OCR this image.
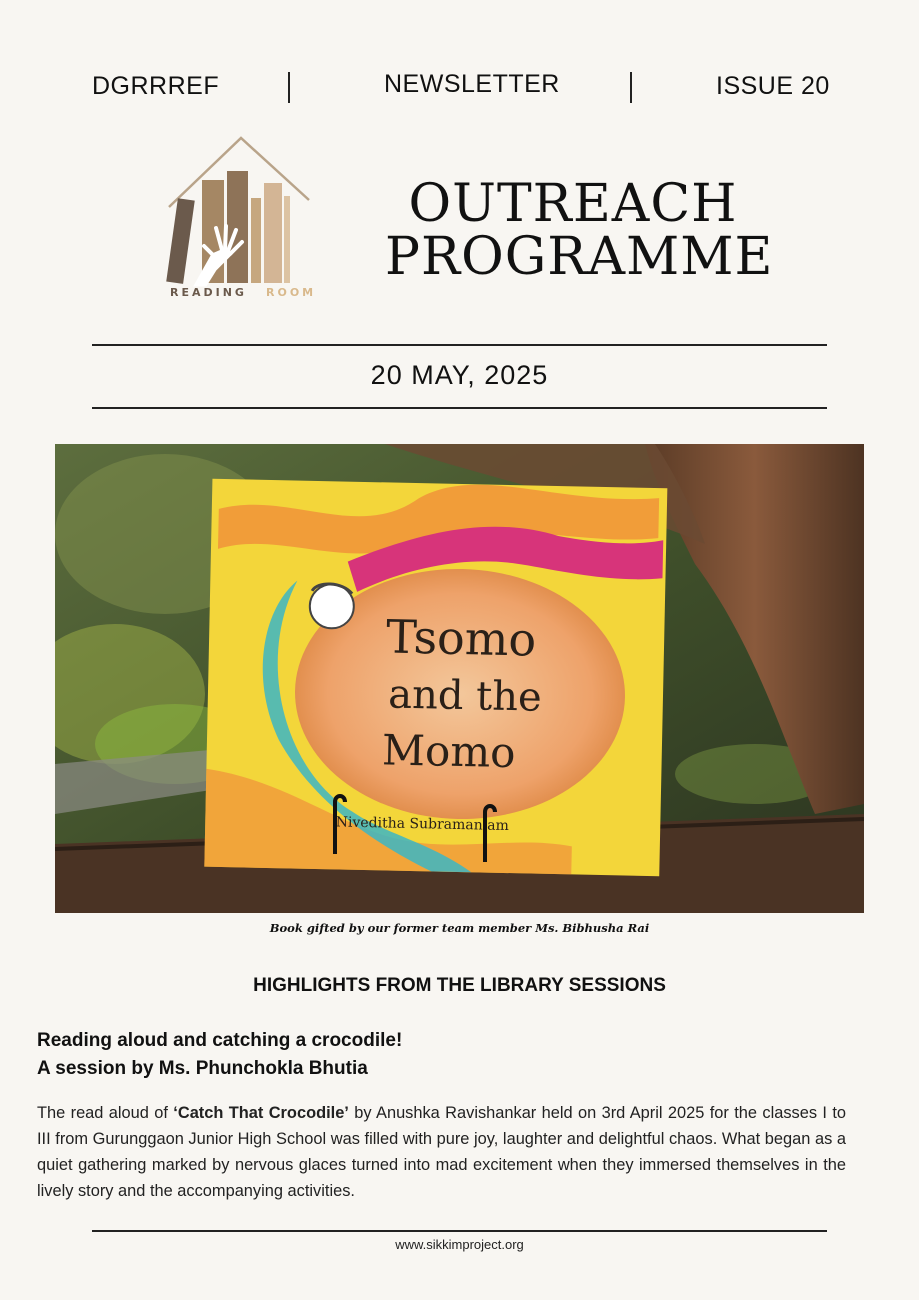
DGRRREF	NEWSLETTER	ISSUE 20
READING ROOM
OUTREACH
PROGRAMME
20 MAY, 2025
Tsomo
and the
Momo
Niveditha Subramaniam
Book gifted by our former team member Ms. Bibhusha Rai
HIGHLIGHTS FROM THE LIBRARY SESSIONS
Reading aloud and catching a crocodile!
A session by Ms. Phunchokla Bhutia
The read aloud of ‘Catch That Crocodile’ by Anushka Ravishankar held on 3rd April 2025 for the classes I to III from Gurunggaon Junior High School was filled with pure joy, laughter and delightful chaos. What began as a quiet gathering marked by nervous glaces turned into mad excitement when they immersed themselves in the lively story and the accompanying activities.
www.sikkimproject.org
